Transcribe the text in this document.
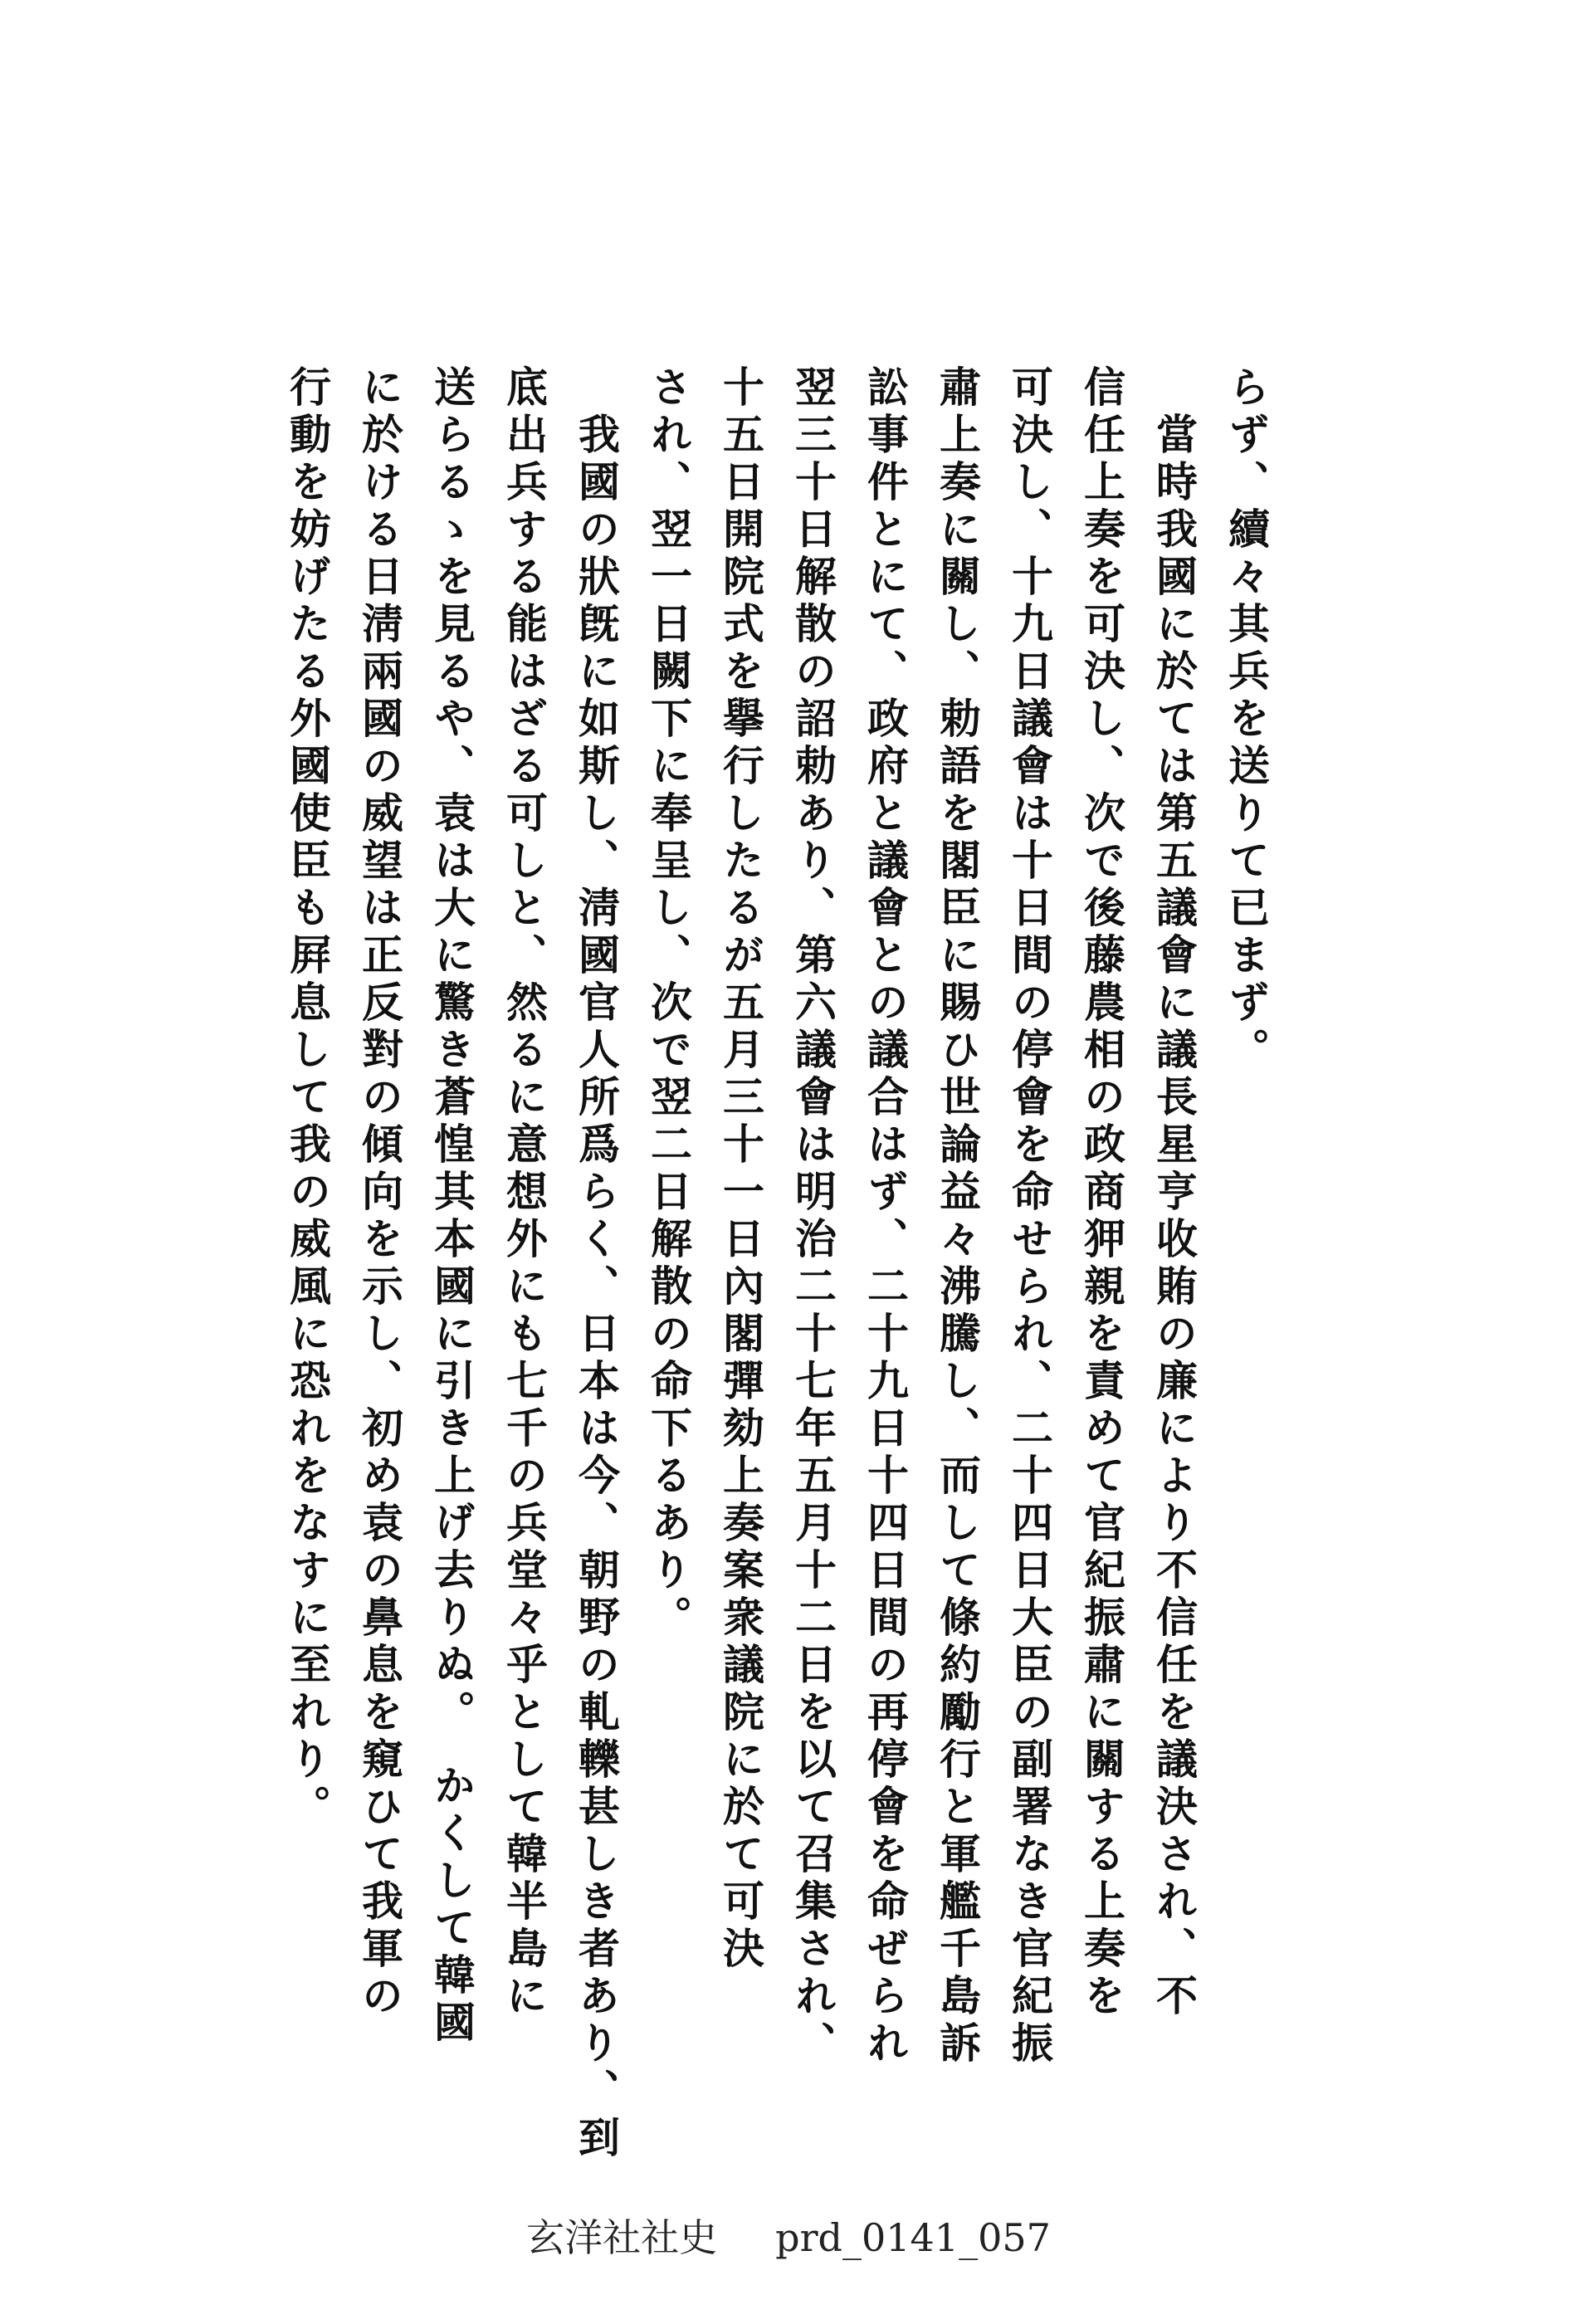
らず、續々其兵を送りて已まず。
　當時我國に於ては第五議會に議長星亨收賄の廉により不信任を議決され、不
信任上奏を可決し、次で後藤農相の政商狎親を責めて官紀振肅に關する上奏を
可決し、十九日議會は十日間の停會を命せられ、二十四日大臣の副署なき官紀振
肅上奏に關し、勅語を閣臣に賜ひ世論益々沸騰し、而して條約勵行と軍艦千島訴
訟事件とにて、政府と議會との議合はず、二十九日十四日間の再停會を命ぜられ
翌三十日解散の詔勅あり、第六議會は明治二十七年五月十二日を以て召集され、
十五日開院式を擧行したるが五月三十一日內閣彈劾上奏案衆議院に於て可決
され、翌一日闕下に奉呈し、次で翌二日解散の命下るあり。
　我國の狀旣に如斯し、淸國官人所爲らく、日本は今、朝野の軋轢甚しき者あり、到
底出兵する能はざる可しと、然るに意想外にも七千の兵堂々乎として韓半島に
送らるゝを見るや、袁は大に驚き蒼惶其本國に引き上げ去りぬ。　かくして韓國
に於ける日淸兩國の威望は正反對の傾向を示し、初め袁の鼻息を窺ひて我軍の
行動を妨げたる外國使臣も屛息して我の威風に恐れをなすに至れり。
玄洋社社史 prd_0141_057
